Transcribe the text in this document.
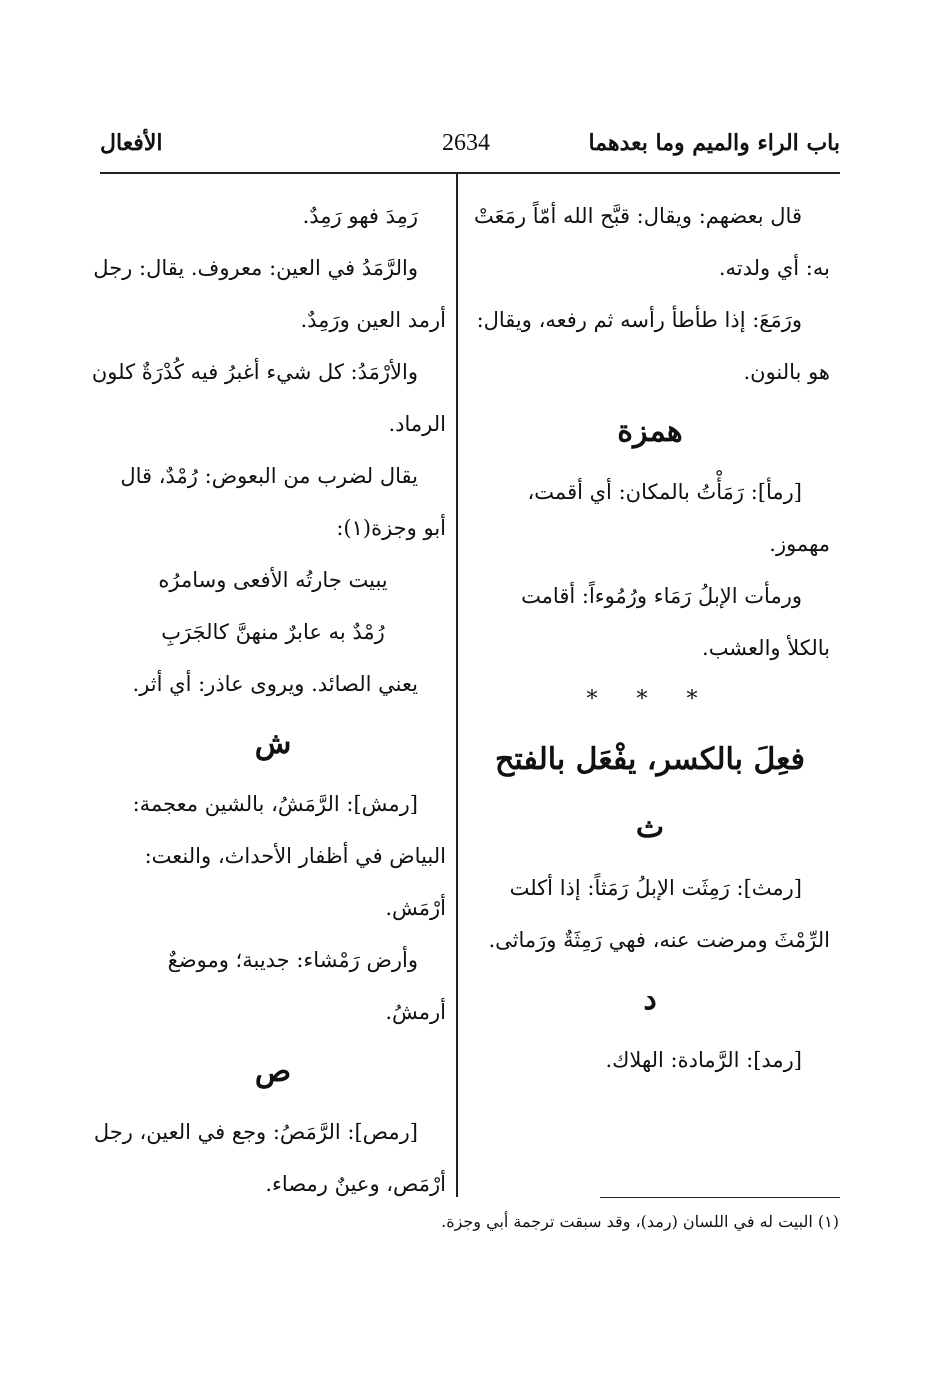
باب الراء والميم وما بعدهما
2634
الأفعال
قال بعضهم: ويقال: قبَّح الله أمّاً رمَعَتْ
به: أي ولدته.
ورَمَعَ: إذا طأطأ رأسه ثم رفعه، ويقال:
هو بالنون.
همزة
[رمأ]: رَمَأْتُ بالمكان: أي أقمت،
مهموز.
ورمأت الإبلُ رَمَاء ورُمُوءاً: أقامت
بالكلأ والعشب.
* * *
فعِلَ بالكسر، يفْعَل بالفتح
ث
[رمث]: رَمِثَت الإبلُ رَمَثاً: إذا أكلت
الرِّمْثَ ومرضت عنه، فهي رَمِثَةٌ ورَماثى.
د
[رمد]: الرَّمادة: الهلاك.
رَمِدَ فهو رَمِدٌ.
والرَّمَدُ في العين: معروف. يقال: رجل
أرمد العين ورَمِدٌ.
والأرْمَدُ: كل شيء أغبرُ فيه كُدْرَةٌ كلون
الرماد.
يقال لضرب من البعوض: رُمْدٌ، قال
أبو وجزة(١):
يبيت جارتُه الأفعى وسامرُه
رُمْدٌ به عابرٌ منهنَّ كالجَرَبِ
يعني الصائد. ويروى عاذر: أي أثر.
ش
[رمش]: الرَّمَشُ، بالشين معجمة:
البياض في أظفار الأحداث، والنعت:
أرْمَش.
وأرض رَمْشاء: جديبة؛ وموضعٌ
أرمشُ.
ص
[رمص]: الرَّمَصُ: وجع في العين، رجل
أرْمَص، وعينٌ رمصاء.
(١) البيت له في اللسان (رمد)، وقد سبقت ترجمة أبي وجزة.
